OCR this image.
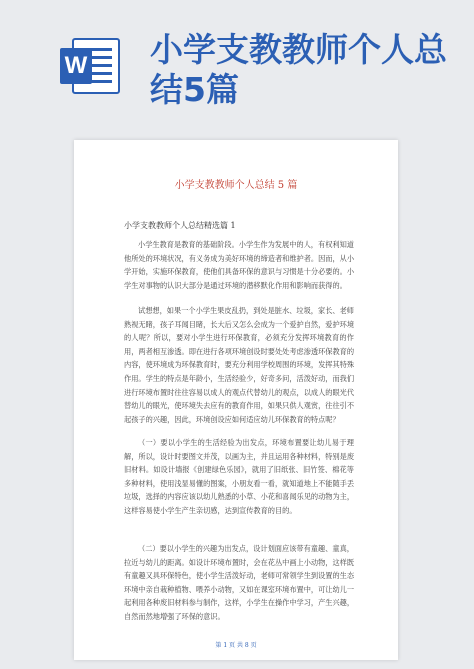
W 小学支教教师个人总结5篇
小学支教教师个人总结 5 篇
小学支教教师个人总结精选篇 1

小学生教育是教育的基础阶段。小学生作为发展中的人，有权利知道他所处的环境状况，有义务成为美好环境的缔造者和维护者。因而，从小学开始，实施环保教育，使他们具备环保的意识与习惯是十分必要的。小学生对事物的认识大部分是通过环境的潜移默化作用和影响而获得的。

试想想，如果一个小学生果皮乱扔，到处是脏水、垃圾，家长、老师熟视无睹，孩子耳闻目睹，长大后又怎么会成为一个爱护自然，爱护环境的人呢？所以，要对小学生进行环保教育，必须充分发挥环境教育的作用，两者相互渗透。即在进行各项环境创设时要处处考虑渗透环保教育的内容，使环境成为环保教育时，要充分利用学校周围的环境，发挥其特殊作用。学生的特点是年龄小，生活经验少，好奇多问，活泼好动，而我们进行环境布置时往往容易以成人的观点代替幼儿的观点，以成人的眼光代替幼儿的眼光，使环境失去应有的教育作用，如果只供人观赏，往往引不起孩子的兴趣，因此，环境创设应如何适应幼儿环保教育的特点呢？

（一）要以小学生的生活经验为出发点，环境布置要让幼儿易于理解，所以，设计时要图文并茂，以画为主，并且运用各种材料，特别是废旧材料。如设计墙报《创建绿色乐园》，就用了旧纸张、旧竹签、棉花等多种材料，使用浅显易懂的图案，小朋友看一看，就知道地上不能随手丢垃圾，选择的内容应该以幼儿熟悉的小草、小花和喜闻乐见的动物为主，这样容易使小学生产生亲切感，达到宣传教育的目的。

（二）要以小学生的兴趣为出发点，设计划面应该带有童趣、童真，拉近与幼儿的距离。如设计环境布置时，会在花丛中画上小动物，这样既有童趣又具环保特色，使小学生活泼好动，老师可常领学生到设置的生态环境中亲自栽种植物、喂养小动物，又如在课室环境布置中，可让幼儿一起利用各种废旧材料参与制作，这样，小学生在操作中学习，产生兴趣，自然而然地增强了环保的意识。

第 1 页 共 8 页
